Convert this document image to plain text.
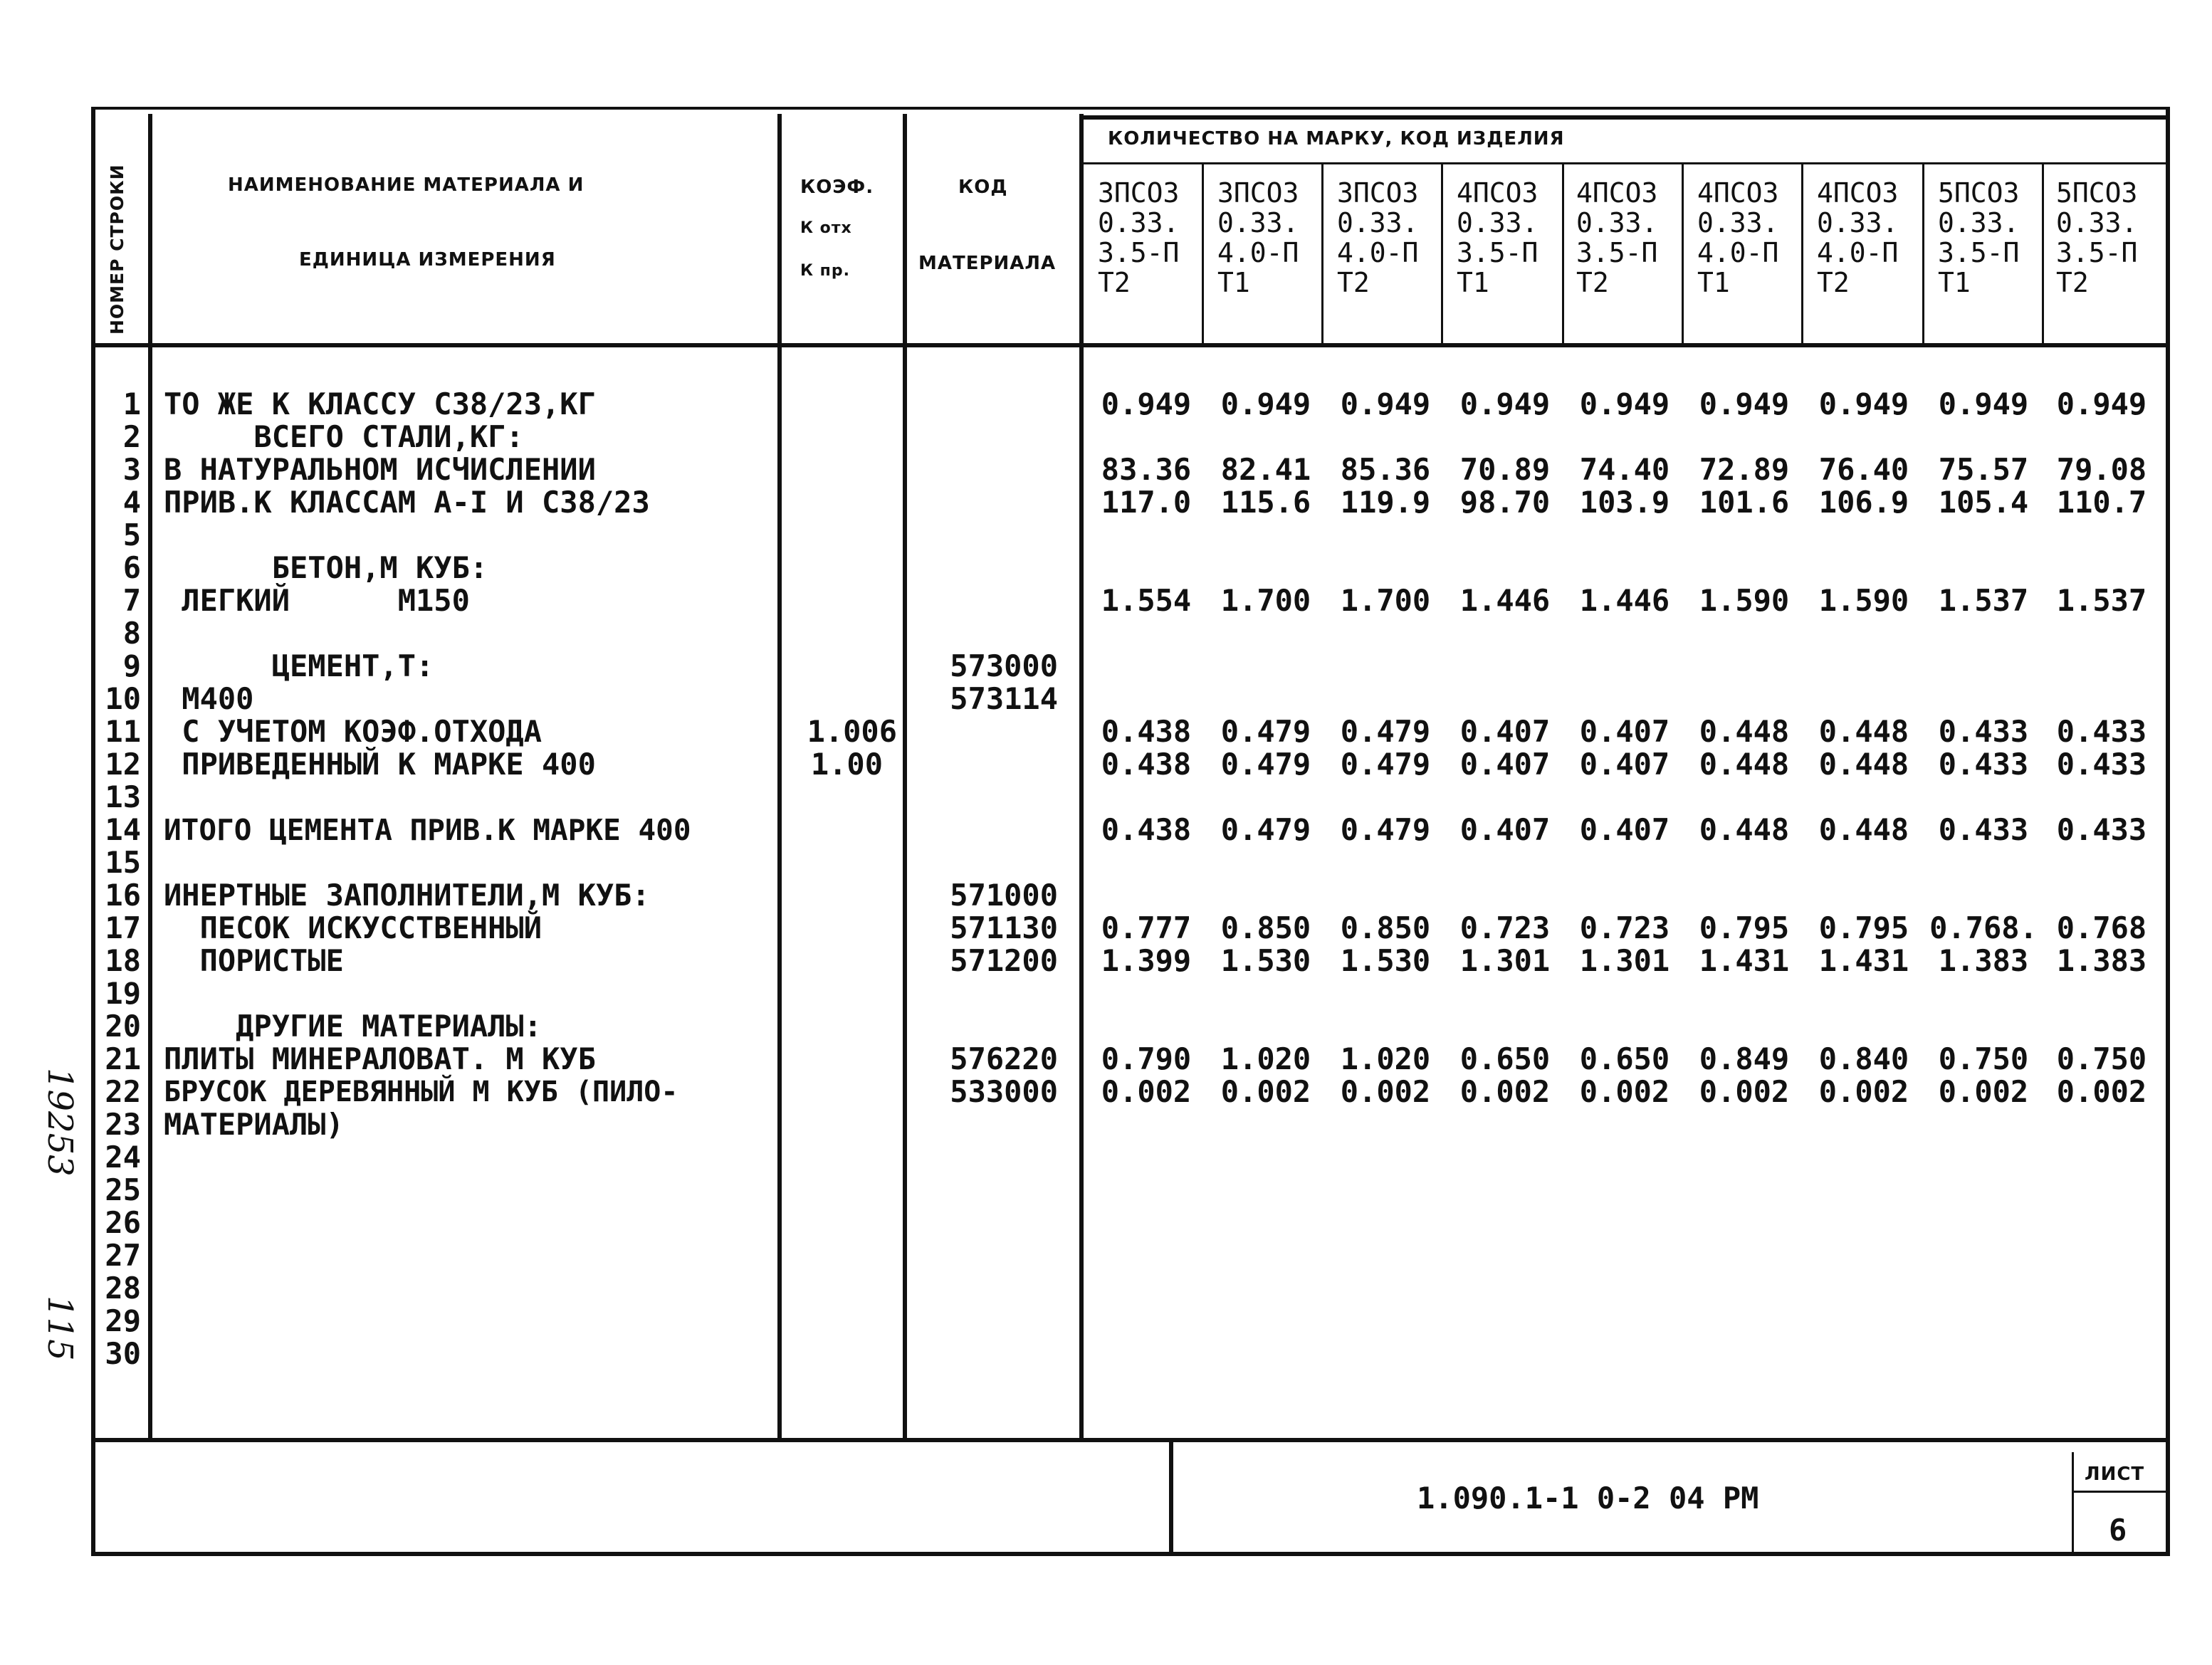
НОМЕР СТРОКИ	НАИМЕНОВАНИЕ МАТЕРИАЛА И
ЕДИНИЦА ИЗМЕРЕНИЯ
КОЭФ.
К отх
К пр.
КОД
МАТЕРИАЛА
КОЛИЧЕСТВО НА МАРКУ, КОД ИЗДЕЛИЯ
3ПСО3
0.33.
3.5-П
Т2
3ПСО3
0.33.
4.0-П
Т1
3ПСО3
0.33.
4.0-П
Т2
4ПСО3
0.33.
3.5-П
Т1
4ПСО3
0.33.
3.5-П
Т2
4ПСО3
0.33.
4.0-П
Т1
4ПСО3
0.33.
4.0-П
Т2
5ПСО3
0.33.
3.5-П
Т1
5ПСО3
0.33.
3.5-П
Т2
1
2
3
4
5
6
7
8
9
10
11
12
13
14
15
16
17
18
19
20
21
22
23
24
25
26
27
28
29
30
ТО ЖЕ К КЛАССУ С38/23,КГ
ВСЕГО СТАЛИ,КГ:
В НАТУРАЛЬНОМ ИСЧИСЛЕНИИ
ПРИВ.К КЛАССАМ А-I И С38/23
БЕТОН,М КУБ:
ЛЕГКИЙ      М150
ЦЕМЕНТ,Т:
М400
С УЧЕТОМ КОЭФ.ОТХОДА
ПРИВЕДЕННЫЙ К МАРКЕ 400
ИТОГО ЦЕМЕНТА ПРИВ.К МАРКЕ 400
ИНЕРТНЫЕ ЗАПОЛНИТЕЛИ,М КУБ:
ПЕСОК ИСКУССТВЕННЫЙ
ПОРИСТЫЕ
ДРУГИЕ МАТЕРИАЛЫ:
ПЛИТЫ МИНЕРАЛОВАТ. М КУБ
БРУСОК ДЕРЕВЯННЫЙ М КУБ (ПИЛО-
МАТЕРИАЛЫ)
1.006
1.00
573000
573114
571000
571130
571200
576220
533000
0.949 0.949 0.949 0.949 0.949 0.949 0.949 0.949 0.949
83.36 82.41 85.36 70.89 74.40 72.89 76.40 75.57 79.08
117.0 115.6 119.9 98.70 103.9 101.6 106.9 105.4 110.7
1.554 1.700 1.700 1.446 1.446 1.590 1.590 1.537 1.537
0.438 0.479 0.479 0.407 0.407 0.448 0.448 0.433 0.433
0.438 0.479 0.479 0.407 0.407 0.448 0.448 0.433 0.433
0.438 0.479 0.479 0.407 0.407 0.448 0.448 0.433 0.433
0.777 0.850 0.850 0.723 0.723 0.795 0.795 0.768. 0.768
1.399 1.530 1.530 1.301 1.301 1.431 1.431 1.383 1.383
0.790 1.020 1.020 0.650 0.650 0.849 0.840 0.750 0.750
0.002 0.002 0.002 0.002 0.002 0.002 0.002 0.002 0.002
1.090.1-1 0-2 04 РМ
ЛИСТ
6
19253
115
